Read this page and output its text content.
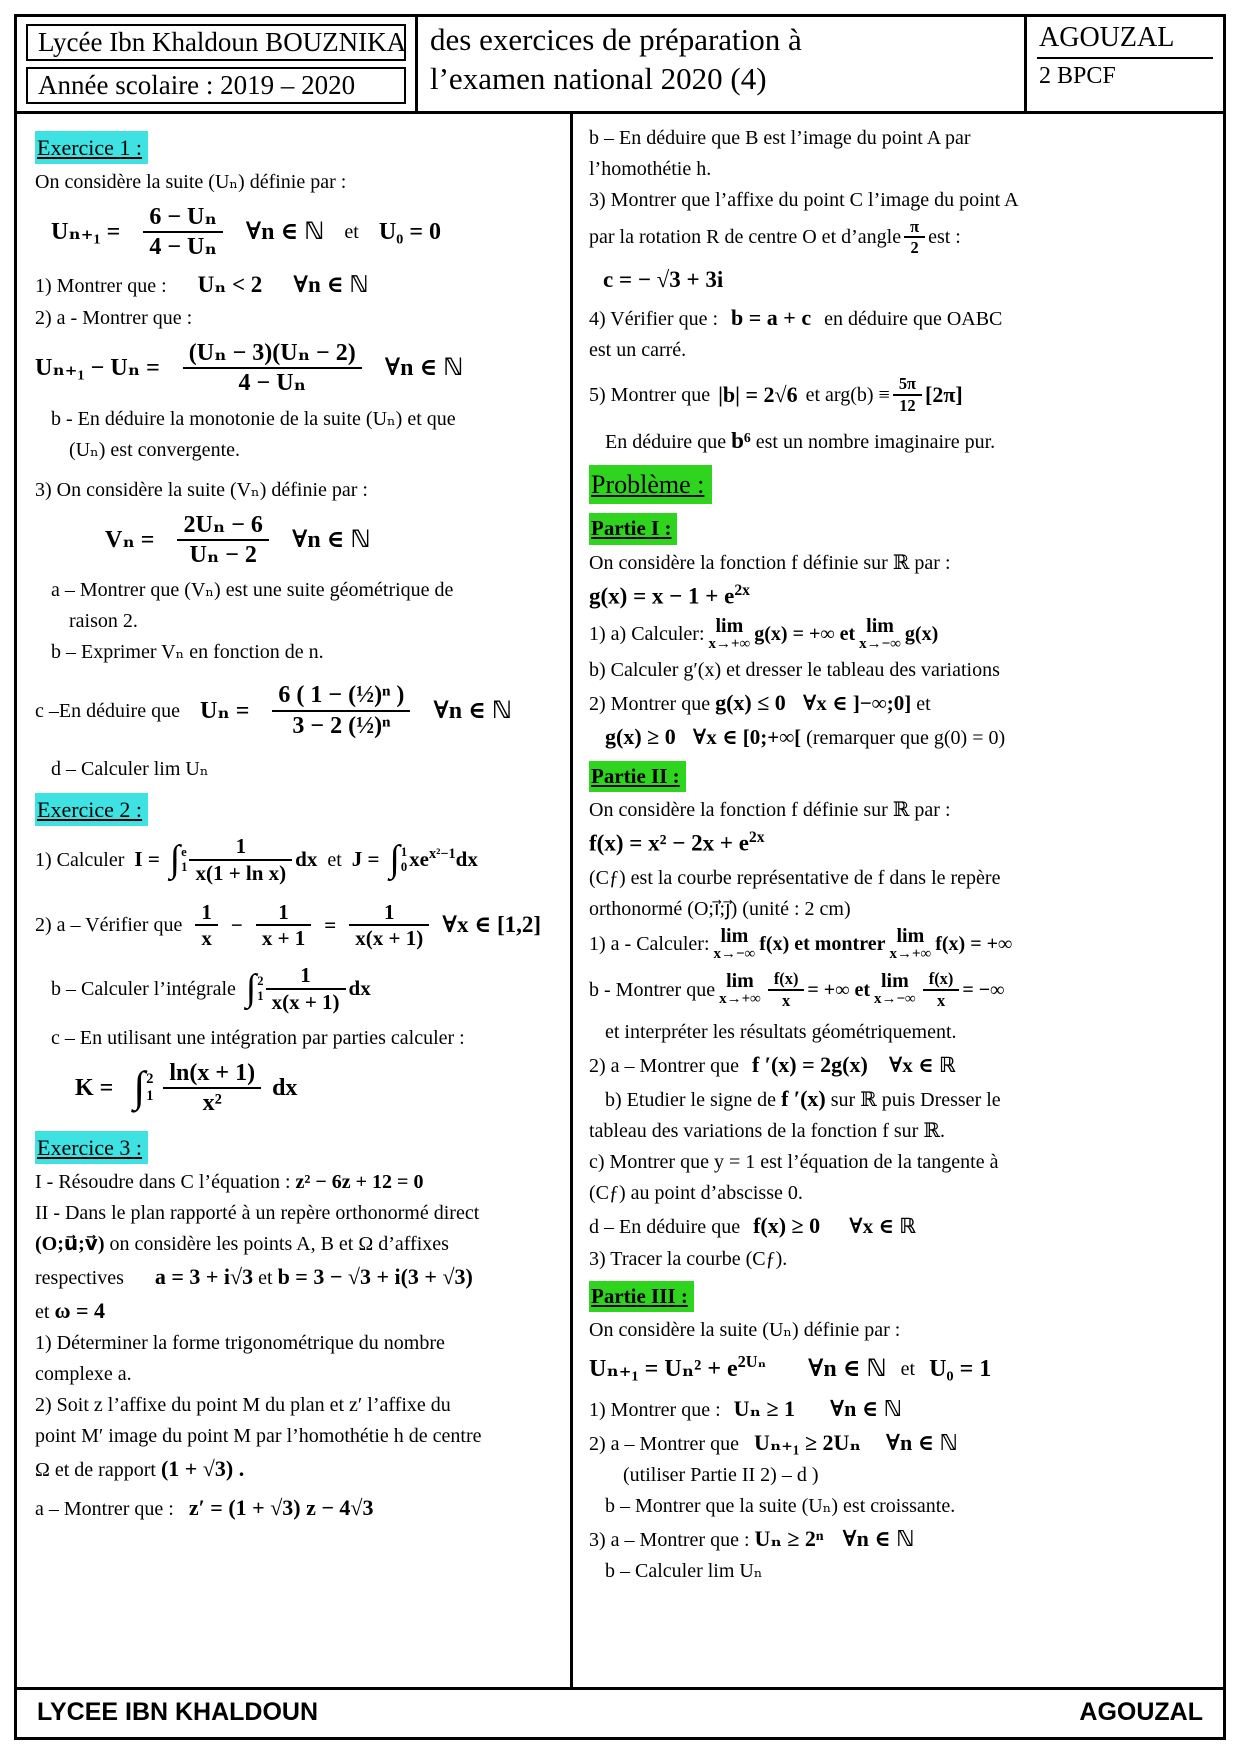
Lycée Ibn Khaldoun BOUZNIKA
Année scolaire : 2019 – 2020
des exercices de préparation à
l’examen national 2020 (4)
AGOUZAL
2 BPCF
Exercice 1 :
On considère la suite (Uₙ) définie par :
$U_{n+1} = \frac{\text{6 − Uₙ}}{\text{4 − Uₙ}}$ ∀n ∈ ℕ et U₀ = 0
1) Montrer que : Uₙ < 2 ∀n ∈ ℕ
2) a - Montrer que :
$U_{n+1} - U_n = \frac{\text{(Uₙ − 3)(Uₙ − 2)}}{\text{4 − Uₙ}}$ ∀n ∈ ℕ
b - En déduire la monotonie de la suite (Uₙ) et que
(Uₙ) est convergente.
3) On considère la suite (Vₙ) définie par :
$V_n = \frac{\text{2Uₙ − 6}}{\text{Uₙ − 2}}$ ∀n ∈ ℕ
a – Montrer que (Vₙ) est une suite géométrique de
raison 2.
b – Exprimer Vₙ en fonction de n.
c –En déduire que $U_n = \frac{\text{6 ( 1 − (½)ⁿ )}}{\text{3 − 2 (½)ⁿ}}$ ∀n ∈ ℕ
d – Calculer lim Uₙ
Exercice 2 :
1) Calculer I = ∫ e
$1 \frac{1}{\text{x(1 + ln x)}}$ dx et J = ∫ 1
0 $xe^{x^2-1}dx$
2) a – Vérifier que $\frac{1}{x} - \frac{1}{x + 1} = \frac{1}{x(x + 1)}$ ∀x ∈ [1,2]
b – Calculer l’intégrale ∫ 2
$1 \frac{1}{x(x + 1)}$ dx
c – En utilisant une intégration par parties calculer :
K = ∫ 2
$1 \frac{\ln(x + 1)}{\text{x²}}$ dx
Exercice 3 :
I - Résoudre dans C l’équation : z² − 6z + 12 = 0
II - Dans le plan rapporté à un repère orthonormé direct
(O;u⃗;v⃗) on considère les points A, B et Ω d’affixes
respectives a = 3 + i√3 et b = 3 − √3 + i(3 + √3)
et ω = 4
1) Déterminer la forme trigonométrique du nombre
complexe a.
2) Soit z l’affixe du point M du plan et z′ l’affixe du
point M′ image du point M par l’homothétie h de centre
Ω et de rapport (1 + √3) .
a – Montrer que : z′ = (1 + √3) z − 4√3
b – En déduire que B est l’image du point A par
l’homothétie h.
3) Montrer que l’affixe du point C l’image du point A
par la rotation R de centre O et d’angle $\frac{\pi}{2}$ est :
c = − √3 + 3i
4) Vérifier que : b = a + c en déduire que OABC
est un carré.
5) Montrer que |b| = 2√6 et $arg(b) \equiv \frac{5\pi}{12} [2\pi]$
En déduire que b⁶ est un nombre imaginaire pur.
Problème :
Partie I :
On considère la fonction f définie sur ℝ par :
$g(x) = x - 1 + e^{2x}$
1) a) Calculer: lim
x→+∞ g(x) = +∞ et lim
x→−∞ g(x)
b) Calculer g′(x) et dresser le tableau des variations
2) Montrer que g(x) ≤ 0 ∀x ∈ ]−∞;0] et
g(x) ≥ 0 ∀x ∈ [0;+∞[ (remarquer que g(0) = 0)
Partie II :
On considère la fonction f définie sur ℝ par :
$f(x) = x^2 - 2x + e^{2x}$
(Cƒ) est la courbe représentative de f dans le repère
orthonormé (O;i⃗;j⃗) (unité : 2 cm)
1) a - Calculer: lim
x→−∞ f(x) et montrer lim
x→+∞ f(x) = +∞

b - Montrer que lim
$x\to+\infty \frac{f(x)}{x}$ = +∞ et lim
$x\to-\infty \frac{f(x)}{x}$ = −∞
et interpréter les résultats géométriquement.
2) a – Montrer que f ′(x) = 2g(x) ∀x ∈ ℝ
b) Etudier le signe de f ′(x) sur ℝ puis Dresser le
tableau des variations de la fonction f sur ℝ.
c) Montrer que y = 1 est l’équation de la tangente à
(Cƒ) au point d’abscisse 0.
d – En déduire que f(x) ≥ 0 ∀x ∈ ℝ
3) Tracer la courbe (Cƒ).
Partie III :
On considère la suite (Uₙ) définie par :
$U_{n+1} = U_n^2 + e^{2U_n}$ ∀n ∈ ℕ et U₀ = 1
1) Montrer que : Uₙ ≥ 1 ∀n ∈ ℕ
2) a – Montrer que Uₙ₊₁ ≥ 2Uₙ ∀n ∈ ℕ
(utiliser Partie II 2) – d )
b – Montrer que la suite (Uₙ) est croissante.
3) a – Montrer que : Uₙ ≥ 2ⁿ ∀n ∈ ℕ
b – Calculer lim Uₙ
LYCEE IBN KHALDOUN	AGOUZAL
